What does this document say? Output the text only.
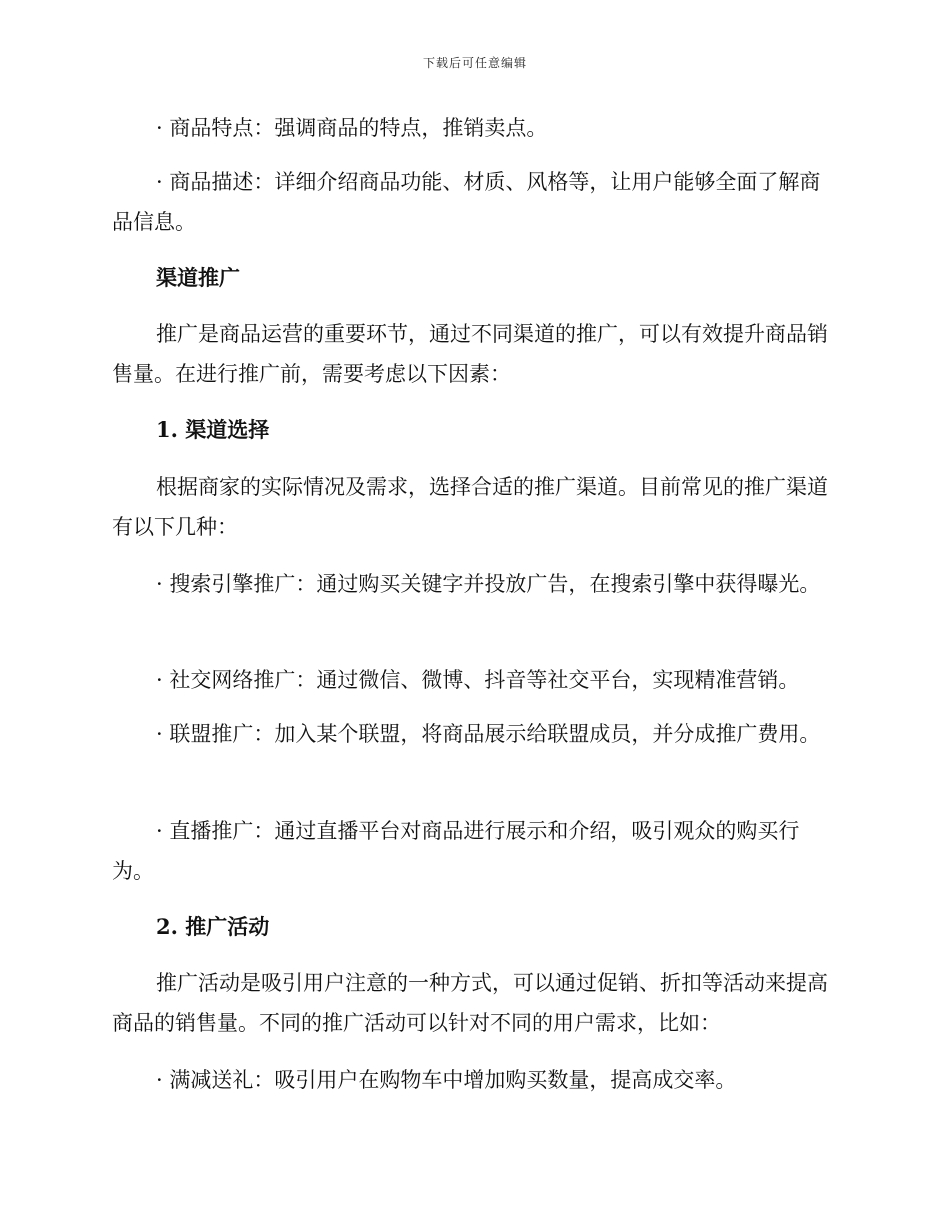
下载后可任意编辑

· 商品特点：强调商品的特点，推销卖点。

· 商品描述：详细介绍商品功能、材质、风格等，让用户能够全面了解商品信息。

渠道推广

推广是商品运营的重要环节，通过不同渠道的推广，可以有效提升商品销售量。在进行推广前，需要考虑以下因素：

1. 渠道选择

根据商家的实际情况及需求，选择合适的推广渠道。目前常见的推广渠道有以下几种：

· 搜索引擎推广：通过购买关键字并投放广告，在搜索引擎中获得曝光。

· 社交网络推广：通过微信、微博、抖音等社交平台，实现精准营销。

· 联盟推广：加入某个联盟，将商品展示给联盟成员，并分成推广费用。

· 直播推广：通过直播平台对商品进行展示和介绍，吸引观众的购买行为。

2. 推广活动

推广活动是吸引用户注意的一种方式，可以通过促销、折扣等活动来提高商品的销售量。不同的推广活动可以针对不同的用户需求，比如：

· 满减送礼：吸引用户在购物车中增加购买数量，提高成交率。
